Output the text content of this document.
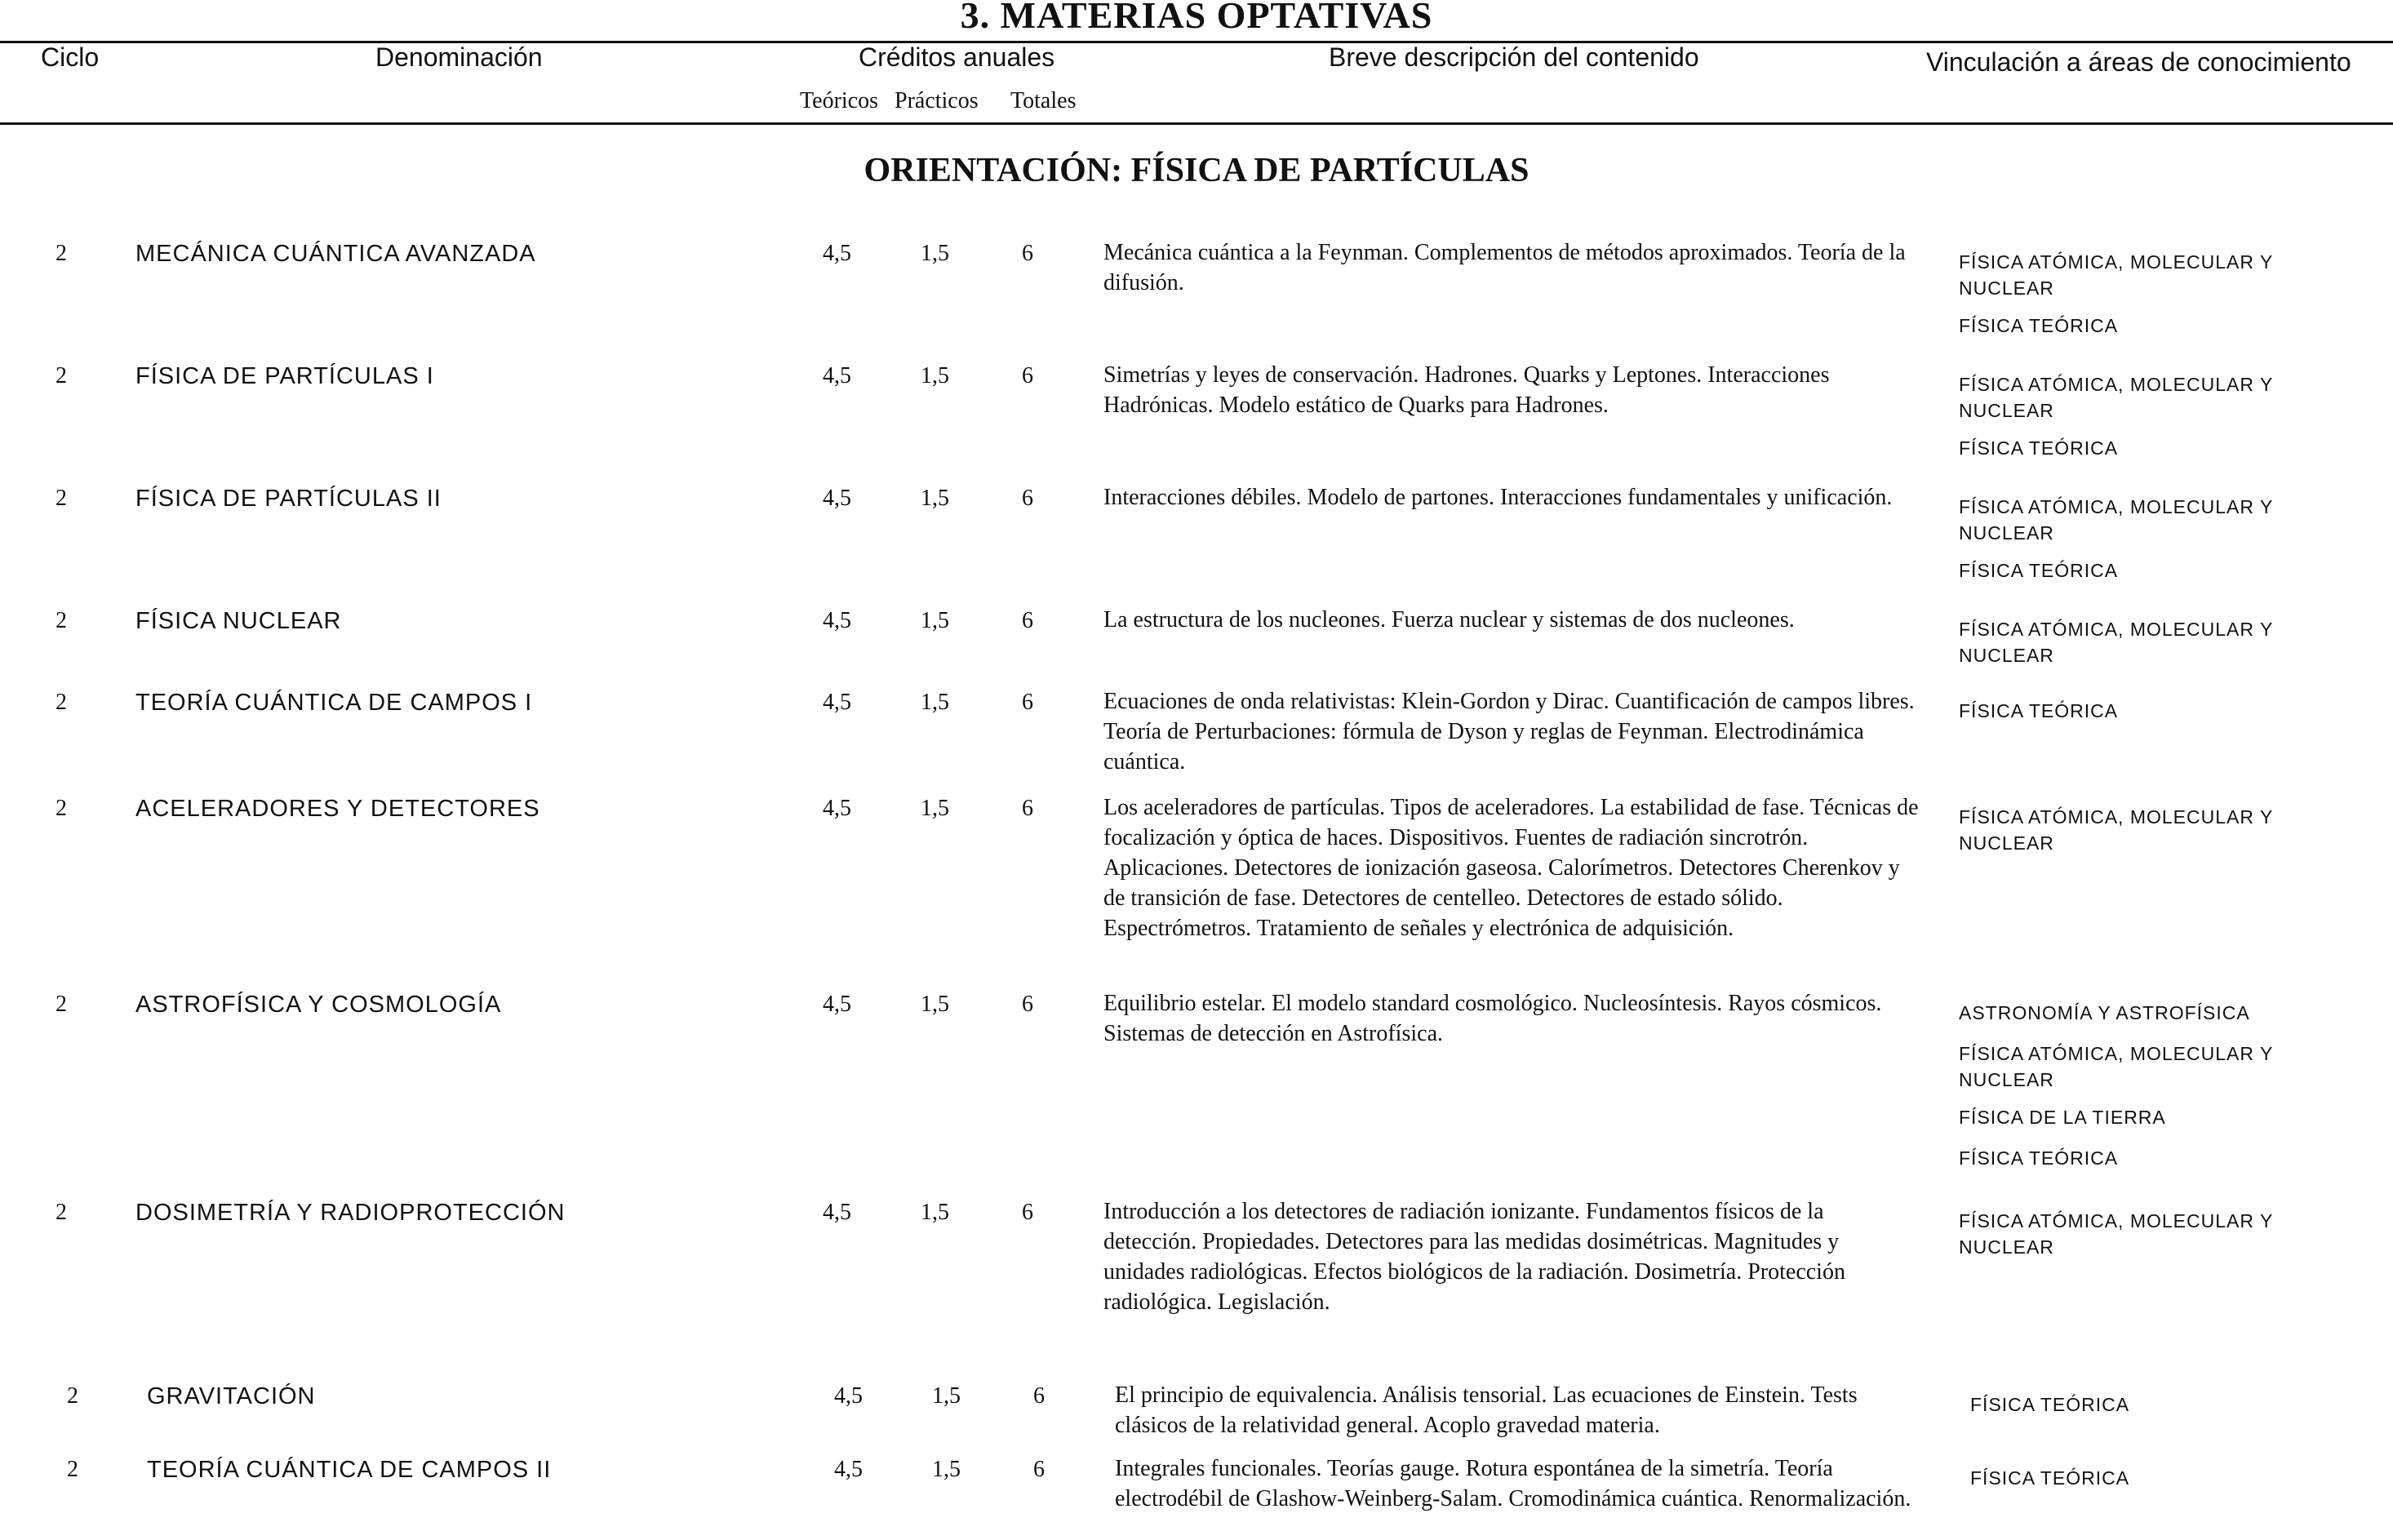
3. MATERIAS OPTATIVAS
Ciclo	Denominación	Créditos anuales
Teóricos Prácticos Totales
Breve descripción del contenido	Vinculación a áreas de conocimiento
ORIENTACIÓN: FÍSICA DE PARTÍCULAS
2	MECÁNICA CUÁNTICA AVANZADA	4,5	1,5	6	Mecánica cuántica a la Feynman. Complementos de métodos aproximados. Teoría de la difusión.
FÍSICA ATÓMICA, MOLECULAR Y NUCLEAR
FÍSICA TEÓRICA
2	FÍSICA DE PARTÍCULAS I	4,5	1,5	6	Simetrías y leyes de conservación. Hadrones. Quarks y Leptones. Interacciones Hadrónicas. Modelo estático de Quarks para Hadrones.
FÍSICA ATÓMICA, MOLECULAR Y NUCLEAR
FÍSICA TEÓRICA
2	FÍSICA DE PARTÍCULAS II	4,5	1,5	6	Interacciones débiles. Modelo de partones. Interacciones fundamentales y unificación.	FÍSICA ATÓMICA, MOLECULAR Y NUCLEAR
FÍSICA TEÓRICA
2	FÍSICA NUCLEAR	4,5	1,5	6	La estructura de los nucleones. Fuerza nuclear y sistemas de dos nucleones.	FÍSICA ATÓMICA, MOLECULAR Y NUCLEAR
2	TEORÍA CUÁNTICA DE CAMPOS I	4,5	1,5	6	Ecuaciones de onda relativistas: Klein-Gordon y Dirac. Cuantificación de campos libres. Teoría de Perturbaciones: fórmula de Dyson y reglas de Feynman. Electrodinámica cuántica.
FÍSICA TEÓRICA
2	ACELERADORES Y DETECTORES	4,5	1,5	6	Los aceleradores de partículas. Tipos de aceleradores. La estabilidad de fase. Técnicas de focalización y óptica de haces. Dispositivos. Fuentes de radiación sincrotrón. Aplicaciones. Detectores de ionización gaseosa. Calorímetros. Detectores Cherenkov y de transición de fase. Detectores de centelleo. Detectores de estado sólido. Espectrómetros. Tratamiento de señales y electrónica de adquisición.
FÍSICA ATÓMICA, MOLECULAR Y NUCLEAR
2	ASTROFÍSICA Y COSMOLOGÍA	4,5	1,5	6	Equilibrio estelar. El modelo standard cosmológico. Nucleosíntesis. Rayos cósmicos. Sistemas de detección en Astrofísica.
ASTRONOMÍA Y ASTROFÍSICA
FÍSICA ATÓMICA, MOLECULAR Y NUCLEAR
FÍSICA DE LA TIERRA
FÍSICA TEÓRICA
2	DOSIMETRÍA Y RADIOPROTECCIÓN	4,5	1,5	6	Introducción a los detectores de radiación ionizante. Fundamentos físicos de la detección. Propiedades. Detectores para las medidas dosimétricas. Magnitudes y unidades radiológicas. Efectos biológicos de la radiación. Dosimetría. Protección radiológica. Legislación.
FÍSICA ATÓMICA, MOLECULAR Y NUCLEAR
2	GRAVITACIÓN	4,5	1,5	6	El principio de equivalencia. Análisis tensorial. Las ecuaciones de Einstein. Tests clásicos de la relatividad general. Acoplo gravedad materia.
FÍSICA TEÓRICA
2	TEORÍA CUÁNTICA DE CAMPOS II	4,5	1,5	6	Integrales funcionales. Teorías gauge. Rotura espontánea de la simetría. Teoría electrodébil de Glashow-Weinberg-Salam. Cromodinámica cuántica. Renormalización.
FÍSICA TEÓRICA
